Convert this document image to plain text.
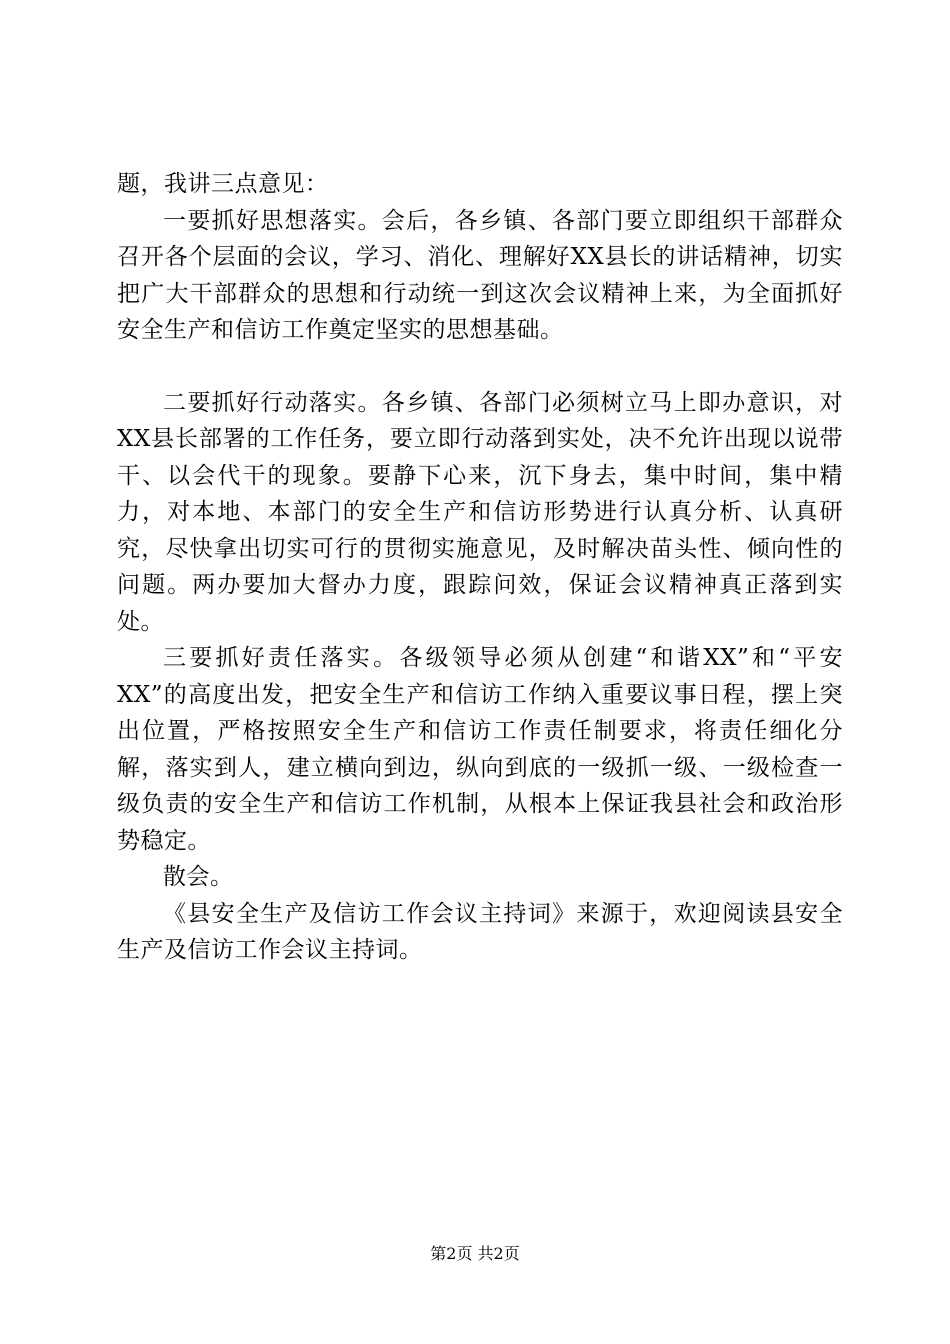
题，我讲三点意见：

一要抓好思想落实。会后，各乡镇、各部门要立即组织干部群众召开各个层面的会议，学习、消化、理解好XX县长的讲话精神，切实把广大干部群众的思想和行动统一到这次会议精神上来，为全面抓好安全生产和信访工作奠定坚实的思想基础。

二要抓好行动落实。各乡镇、各部门必须树立马上即办意识，对XX县长部署的工作任务，要立即行动落到实处，决不允许出现以说带干、以会代干的现象。要静下心来，沉下身去，集中时间，集中精力，对本地、本部门的安全生产和信访形势进行认真分析、认真研究，尽快拿出切实可行的贯彻实施意见，及时解决苗头性、倾向性的问题。两办要加大督办力度，跟踪问效，保证会议精神真正落到实处。

三要抓好责任落实。各级领导必须从创建“和谐XX”和“平安XX”的高度出发，把安全生产和信访工作纳入重要议事日程，摆上突出位置，严格按照安全生产和信访工作责任制要求，将责任细化分解，落实到人，建立横向到边，纵向到底的一级抓一级、一级检查一级负责的安全生产和信访工作机制，从根本上保证我县社会和政治形势稳定。

散会。

《县安全生产及信访工作会议主持词》来源于，欢迎阅读县安全生产及信访工作会议主持词。

第2页 共2页
